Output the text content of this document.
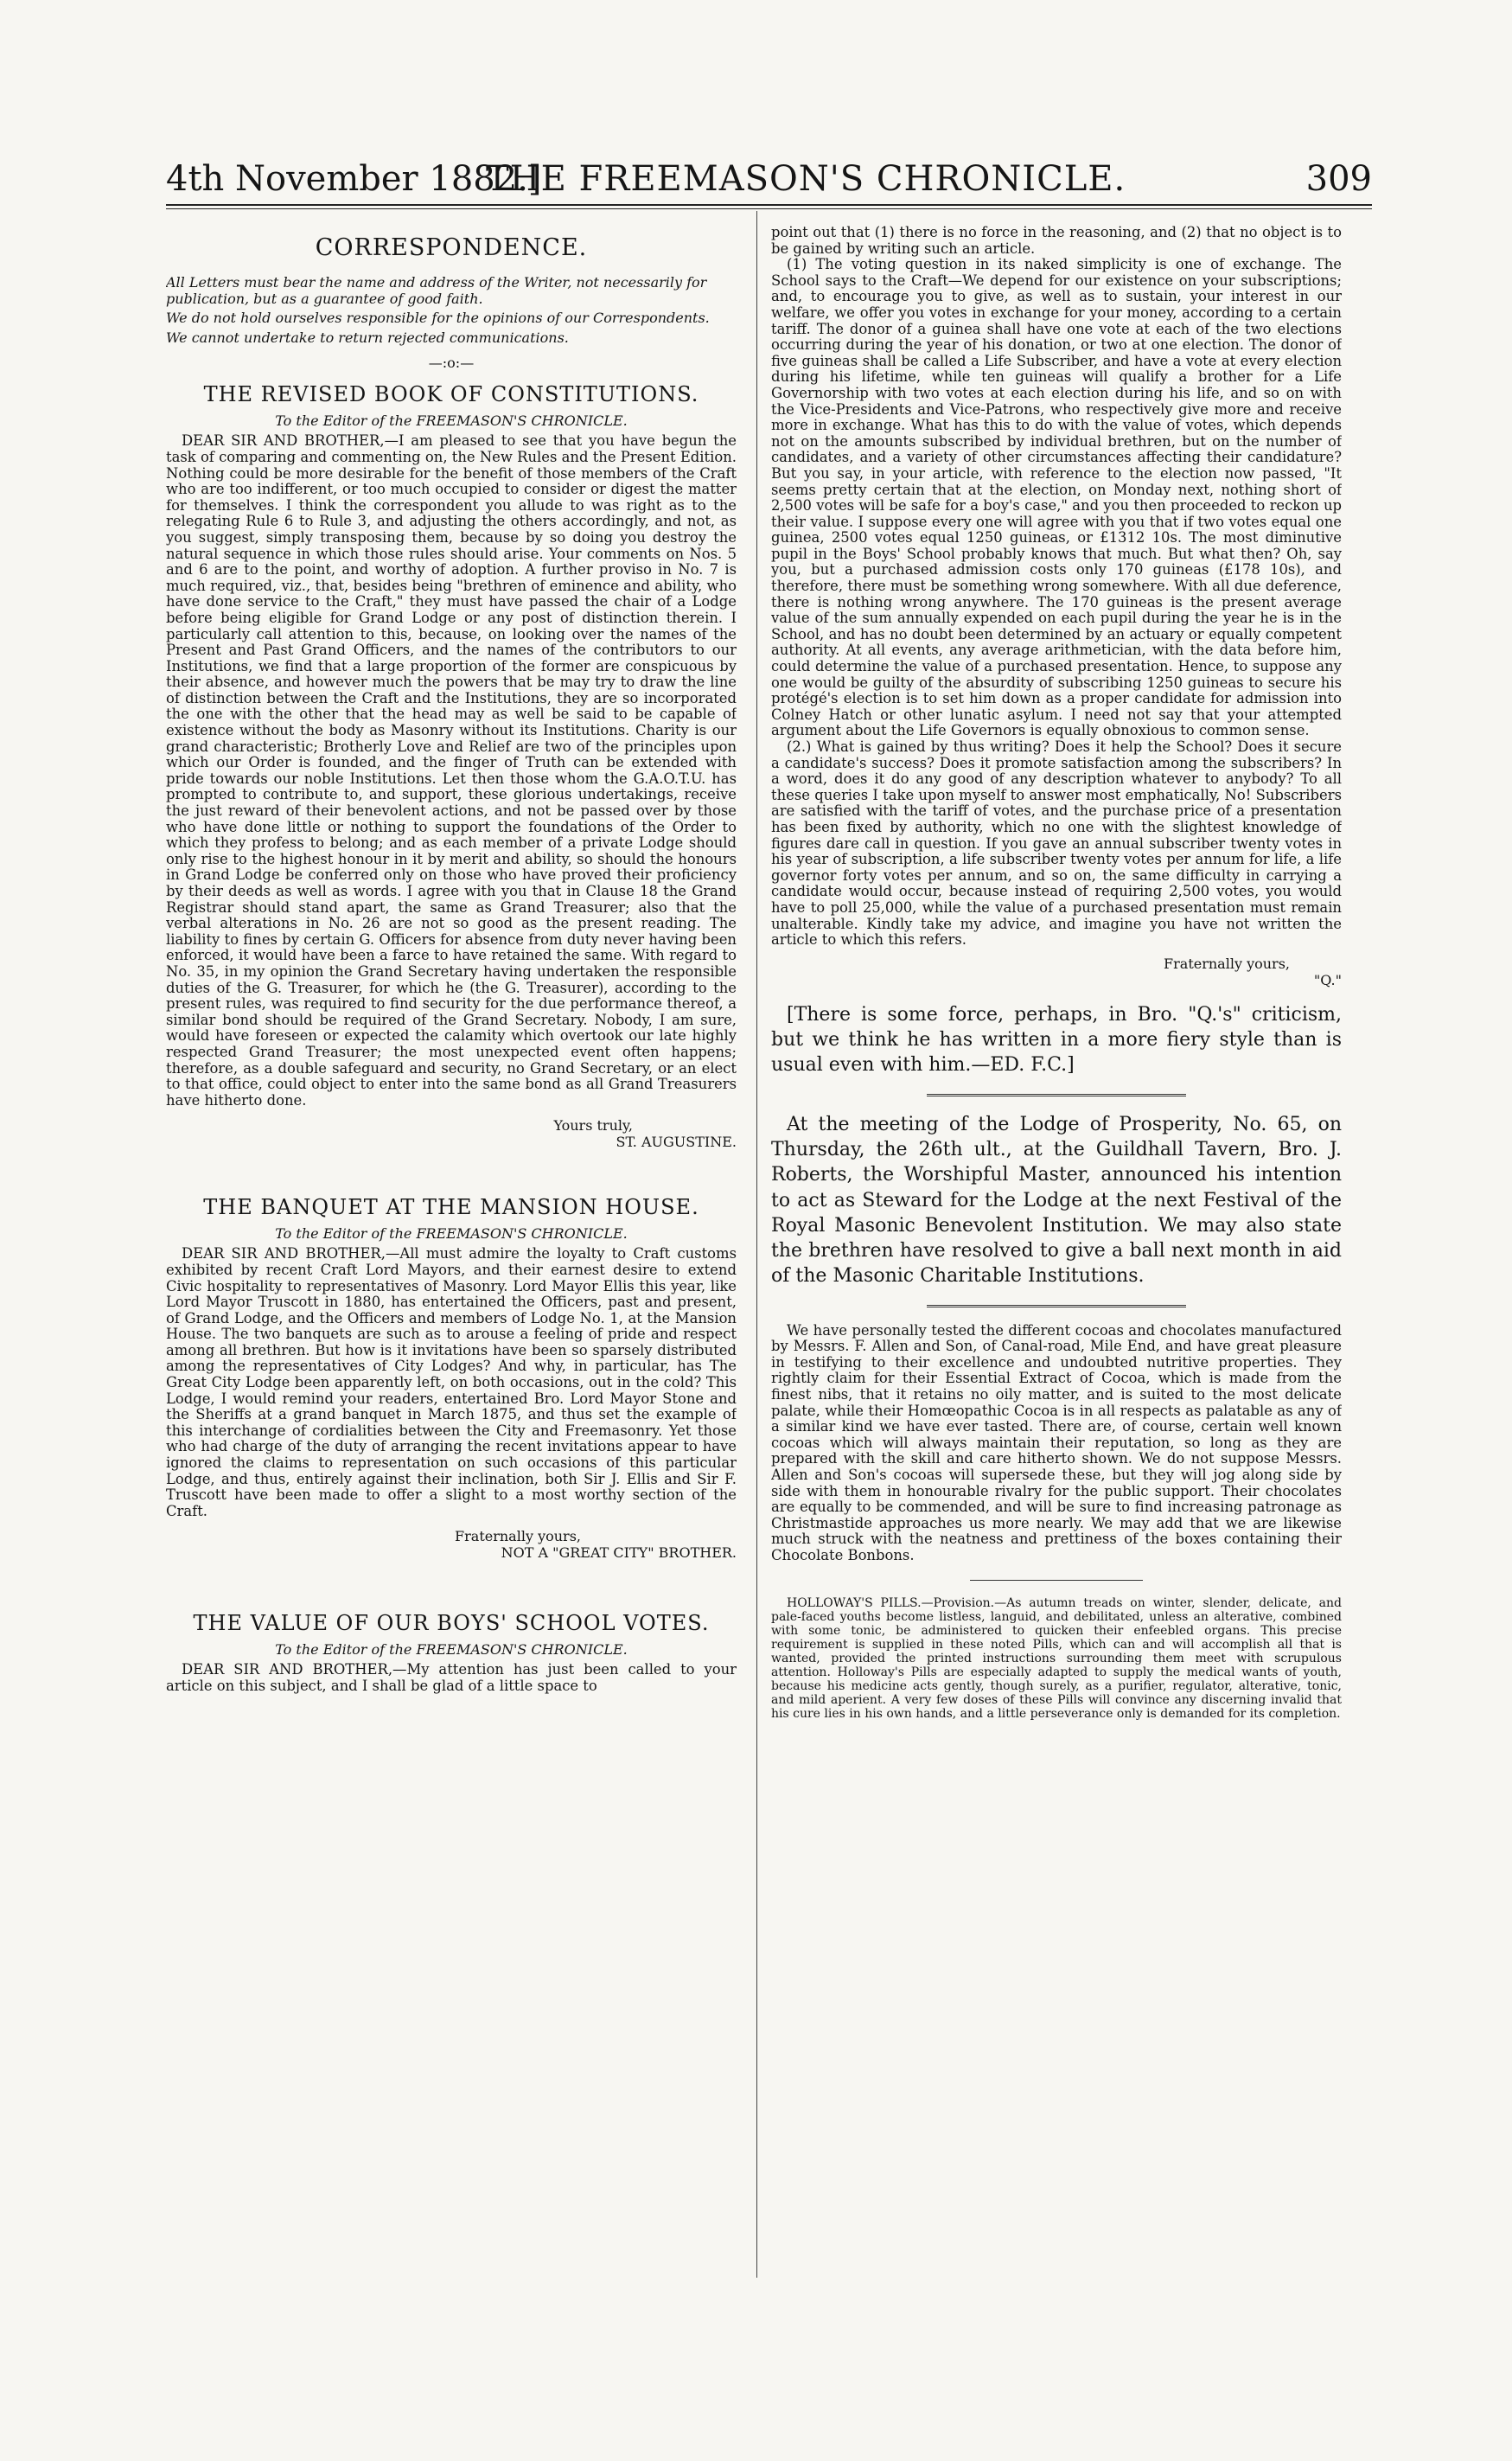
4th November 1882.]
THE FREEMASON'S CHRONICLE.	309

CORRESPONDENCE.

All Letters must bear the name and address of the Writer, not necessarily for publication, but as a guarantee of good faith.

We do not hold ourselves responsible for the opinions of our Correspondents.

We cannot undertake to return rejected communications.

—:o:—

THE REVISED BOOK OF CONSTITUTIONS.

To the Editor of the FREEMASON'S CHRONICLE.

DEAR SIR AND BROTHER,—I am pleased to see that you have begun the task of comparing and commenting on, the New Rules and the Present Edition. Nothing could be more desirable for the benefit of those members of the Craft who are too indifferent, or too much occupied to consider or digest the matter for themselves. I think the correspondent you allude to was right as to the relegating Rule 6 to Rule 3, and adjusting the others accordingly, and not, as you suggest, simply transposing them, because by so doing you destroy the natural sequence in which those rules should arise. Your comments on Nos. 5 and 6 are to the point, and worthy of adoption. A further proviso in No. 7 is much required, viz., that, besides being "brethren of eminence and ability, who have done service to the Craft," they must have passed the chair of a Lodge before being eligible for Grand Lodge or any post of distinction therein. I particularly call attention to this, because, on looking over the names of the Present and Past Grand Officers, and the names of the contributors to our Institutions, we find that a large proportion of the former are conspicuous by their absence, and however much the powers that be may try to draw the line of distinction between the Craft and the Institutions, they are so incorporated the one with the other that the head may as well be said to be capable of existence without the body as Masonry without its Institutions. Charity is our grand characteristic; Brotherly Love and Relief are two of the principles upon which our Order is founded, and the finger of Truth can be extended with pride towards our noble Institutions. Let then those whom the G.A.O.T.U. has prompted to contribute to, and support, these glorious undertakings, receive the just reward of their benevolent actions, and not be passed over by those who have done little or nothing to support the foundations of the Order to which they profess to belong; and as each member of a private Lodge should only rise to the highest honour in it by merit and ability, so should the honours in Grand Lodge be conferred only on those who have proved their proficiency by their deeds as well as words. I agree with you that in Clause 18 the Grand Registrar should stand apart, the same as Grand Treasurer; also that the verbal alterations in No. 26 are not so good as the present reading. The liability to fines by certain G. Officers for absence from duty never having been enforced, it would have been a farce to have retained the same. With regard to No. 35, in my opinion the Grand Secretary having undertaken the responsible duties of the G. Treasurer, for which he (the G. Treasurer), according to the present rules, was required to find security for the due performance thereof, a similar bond should be required of the Grand Secretary. Nobody, I am sure, would have foreseen or expected the calamity which overtook our late highly respected Grand Treasurer; the most unexpected event often happens; therefore, as a double safeguard and security, no Grand Secretary, or an elect to that office, could object to enter into the same bond as all Grand Treasurers have hitherto done.

Yours truly,

ST. AUGUSTINE.

THE BANQUET AT THE MANSION HOUSE.

To the Editor of the FREEMASON'S CHRONICLE.

DEAR SIR AND BROTHER,—All must admire the loyalty to Craft customs exhibited by recent Craft Lord Mayors, and their earnest desire to extend Civic hospitality to representatives of Masonry. Lord Mayor Ellis this year, like Lord Mayor Truscott in 1880, has entertained the Officers, past and present, of Grand Lodge, and the Officers and members of Lodge No. 1, at the Mansion House. The two banquets are such as to arouse a feeling of pride and respect among all brethren. But how is it invitations have been so sparsely distributed among the representatives of City Lodges? And why, in particular, has The Great City Lodge been apparently left, on both occasions, out in the cold? This Lodge, I would remind your readers, entertained Bro. Lord Mayor Stone and the Sheriffs at a grand banquet in March 1875, and thus set the example of this interchange of cordialities between the City and Freemasonry. Yet those who had charge of the duty of arranging the recent invitations appear to have ignored the claims to representation on such occasions of this particular Lodge, and thus, entirely against their inclination, both Sir J. Ellis and Sir F. Truscott have been made to offer a slight to a most worthy section of the Craft.

Fraternally yours,

NOT A "GREAT CITY" BROTHER.

THE VALUE OF OUR BOYS' SCHOOL VOTES.

To the Editor of the FREEMASON'S CHRONICLE.

DEAR SIR AND BROTHER,—My attention has just been called to your article on this subject, and I shall be glad of a little space to

point out that (1) there is no force in the reasoning, and (2) that no object is to be gained by writing such an article.

(1) The voting question in its naked simplicity is one of exchange. The School says to the Craft—We depend for our existence on your subscriptions; and, to encourage you to give, as well as to sustain, your interest in our welfare, we offer you votes in exchange for your money, according to a certain tariff. The donor of a guinea shall have one vote at each of the two elections occurring during the year of his donation, or two at one election. The donor of five guineas shall be called a Life Subscriber, and have a vote at every election during his lifetime, while ten guineas will qualify a brother for a Life Governorship with two votes at each election during his life, and so on with the Vice-Presidents and Vice-Patrons, who respectively give more and receive more in exchange. What has this to do with the value of votes, which depends not on the amounts subscribed by individual brethren, but on the number of candidates, and a variety of other circumstances affecting their candidature? But you say, in your article, with reference to the election now passed, "It seems pretty certain that at the election, on Monday next, nothing short of 2,500 votes will be safe for a boy's case," and you then proceeded to reckon up their value. I suppose every one will agree with you that if two votes equal one guinea, 2500 votes equal 1250 guineas, or £1312 10s. The most diminutive pupil in the Boys' School probably knows that much. But what then? Oh, say you, but a purchased admission costs only 170 guineas (£178 10s), and therefore, there must be something wrong somewhere. With all due deference, there is nothing wrong anywhere. The 170 guineas is the present average value of the sum annually expended on each pupil during the year he is in the School, and has no doubt been determined by an actuary or equally competent authority. At all events, any average arithmetician, with the data before him, could determine the value of a purchased presentation. Hence, to suppose any one would be guilty of the absurdity of subscribing 1250 guineas to secure his protégé's election is to set him down as a proper candidate for admission into Colney Hatch or other lunatic asylum. I need not say that your attempted argument about the Life Governors is equally obnoxious to common sense.

(2.) What is gained by thus writing? Does it help the School? Does it secure a candidate's success? Does it promote satisfaction among the subscribers? In a word, does it do any good of any description whatever to anybody? To all these queries I take upon myself to answer most emphatically, No! Subscribers are satisfied with the tariff of votes, and the purchase price of a presentation has been fixed by authority, which no one with the slightest knowledge of figures dare call in question. If you gave an annual subscriber twenty votes in his year of subscription, a life subscriber twenty votes per annum for life, a life governor forty votes per annum, and so on, the same difficulty in carrying a candidate would occur, because instead of requiring 2,500 votes, you would have to poll 25,000, while the value of a purchased presentation must remain unalterable. Kindly take my advice, and imagine you have not written the article to which this refers.

Fraternally yours,

"Q."

[There is some force, perhaps, in Bro. "Q.'s" criticism, but we think he has written in a more fiery style than is usual even with him.—ED. F.C.]

At the meeting of the Lodge of Prosperity, No. 65, on Thursday, the 26th ult., at the Guildhall Tavern, Bro. J. Roberts, the Worshipful Master, announced his intention to act as Steward for the Lodge at the next Festival of the Royal Masonic Benevolent Institution. We may also state the brethren have resolved to give a ball next month in aid of the Masonic Charitable Institutions.

We have personally tested the different cocoas and chocolates manufactured by Messrs. F. Allen and Son, of Canal-road, Mile End, and have great pleasure in testifying to their excellence and undoubted nutritive properties. They rightly claim for their Essential Extract of Cocoa, which is made from the finest nibs, that it retains no oily matter, and is suited to the most delicate palate, while their Homœopathic Cocoa is in all respects as palatable as any of a similar kind we have ever tasted. There are, of course, certain well known cocoas which will always maintain their reputation, so long as they are prepared with the skill and care hitherto shown. We do not suppose Messrs. Allen and Son's cocoas will supersede these, but they will jog along side by side with them in honourable rivalry for the public support. Their chocolates are equally to be commended, and will be sure to find increasing patronage as Christmastide approaches us more nearly. We may add that we are likewise much struck with the neatness and prettiness of the boxes containing their Chocolate Bonbons.

HOLLOWAY'S PILLS.—Provision.—As autumn treads on winter, slender, delicate, and pale-faced youths become listless, languid, and debilitated, unless an alterative, combined with some tonic, be administered to quicken their enfeebled organs. This precise requirement is supplied in these noted Pills, which can and will accomplish all that is wanted, provided the printed instructions surrounding them meet with scrupulous attention. Holloway's Pills are especially adapted to supply the medical wants of youth, because his medicine acts gently, though surely, as a purifier, regulator, alterative, tonic, and mild aperient. A very few doses of these Pills will convince any discerning invalid that his cure lies in his own hands, and a little perseverance only is demanded for its completion.
